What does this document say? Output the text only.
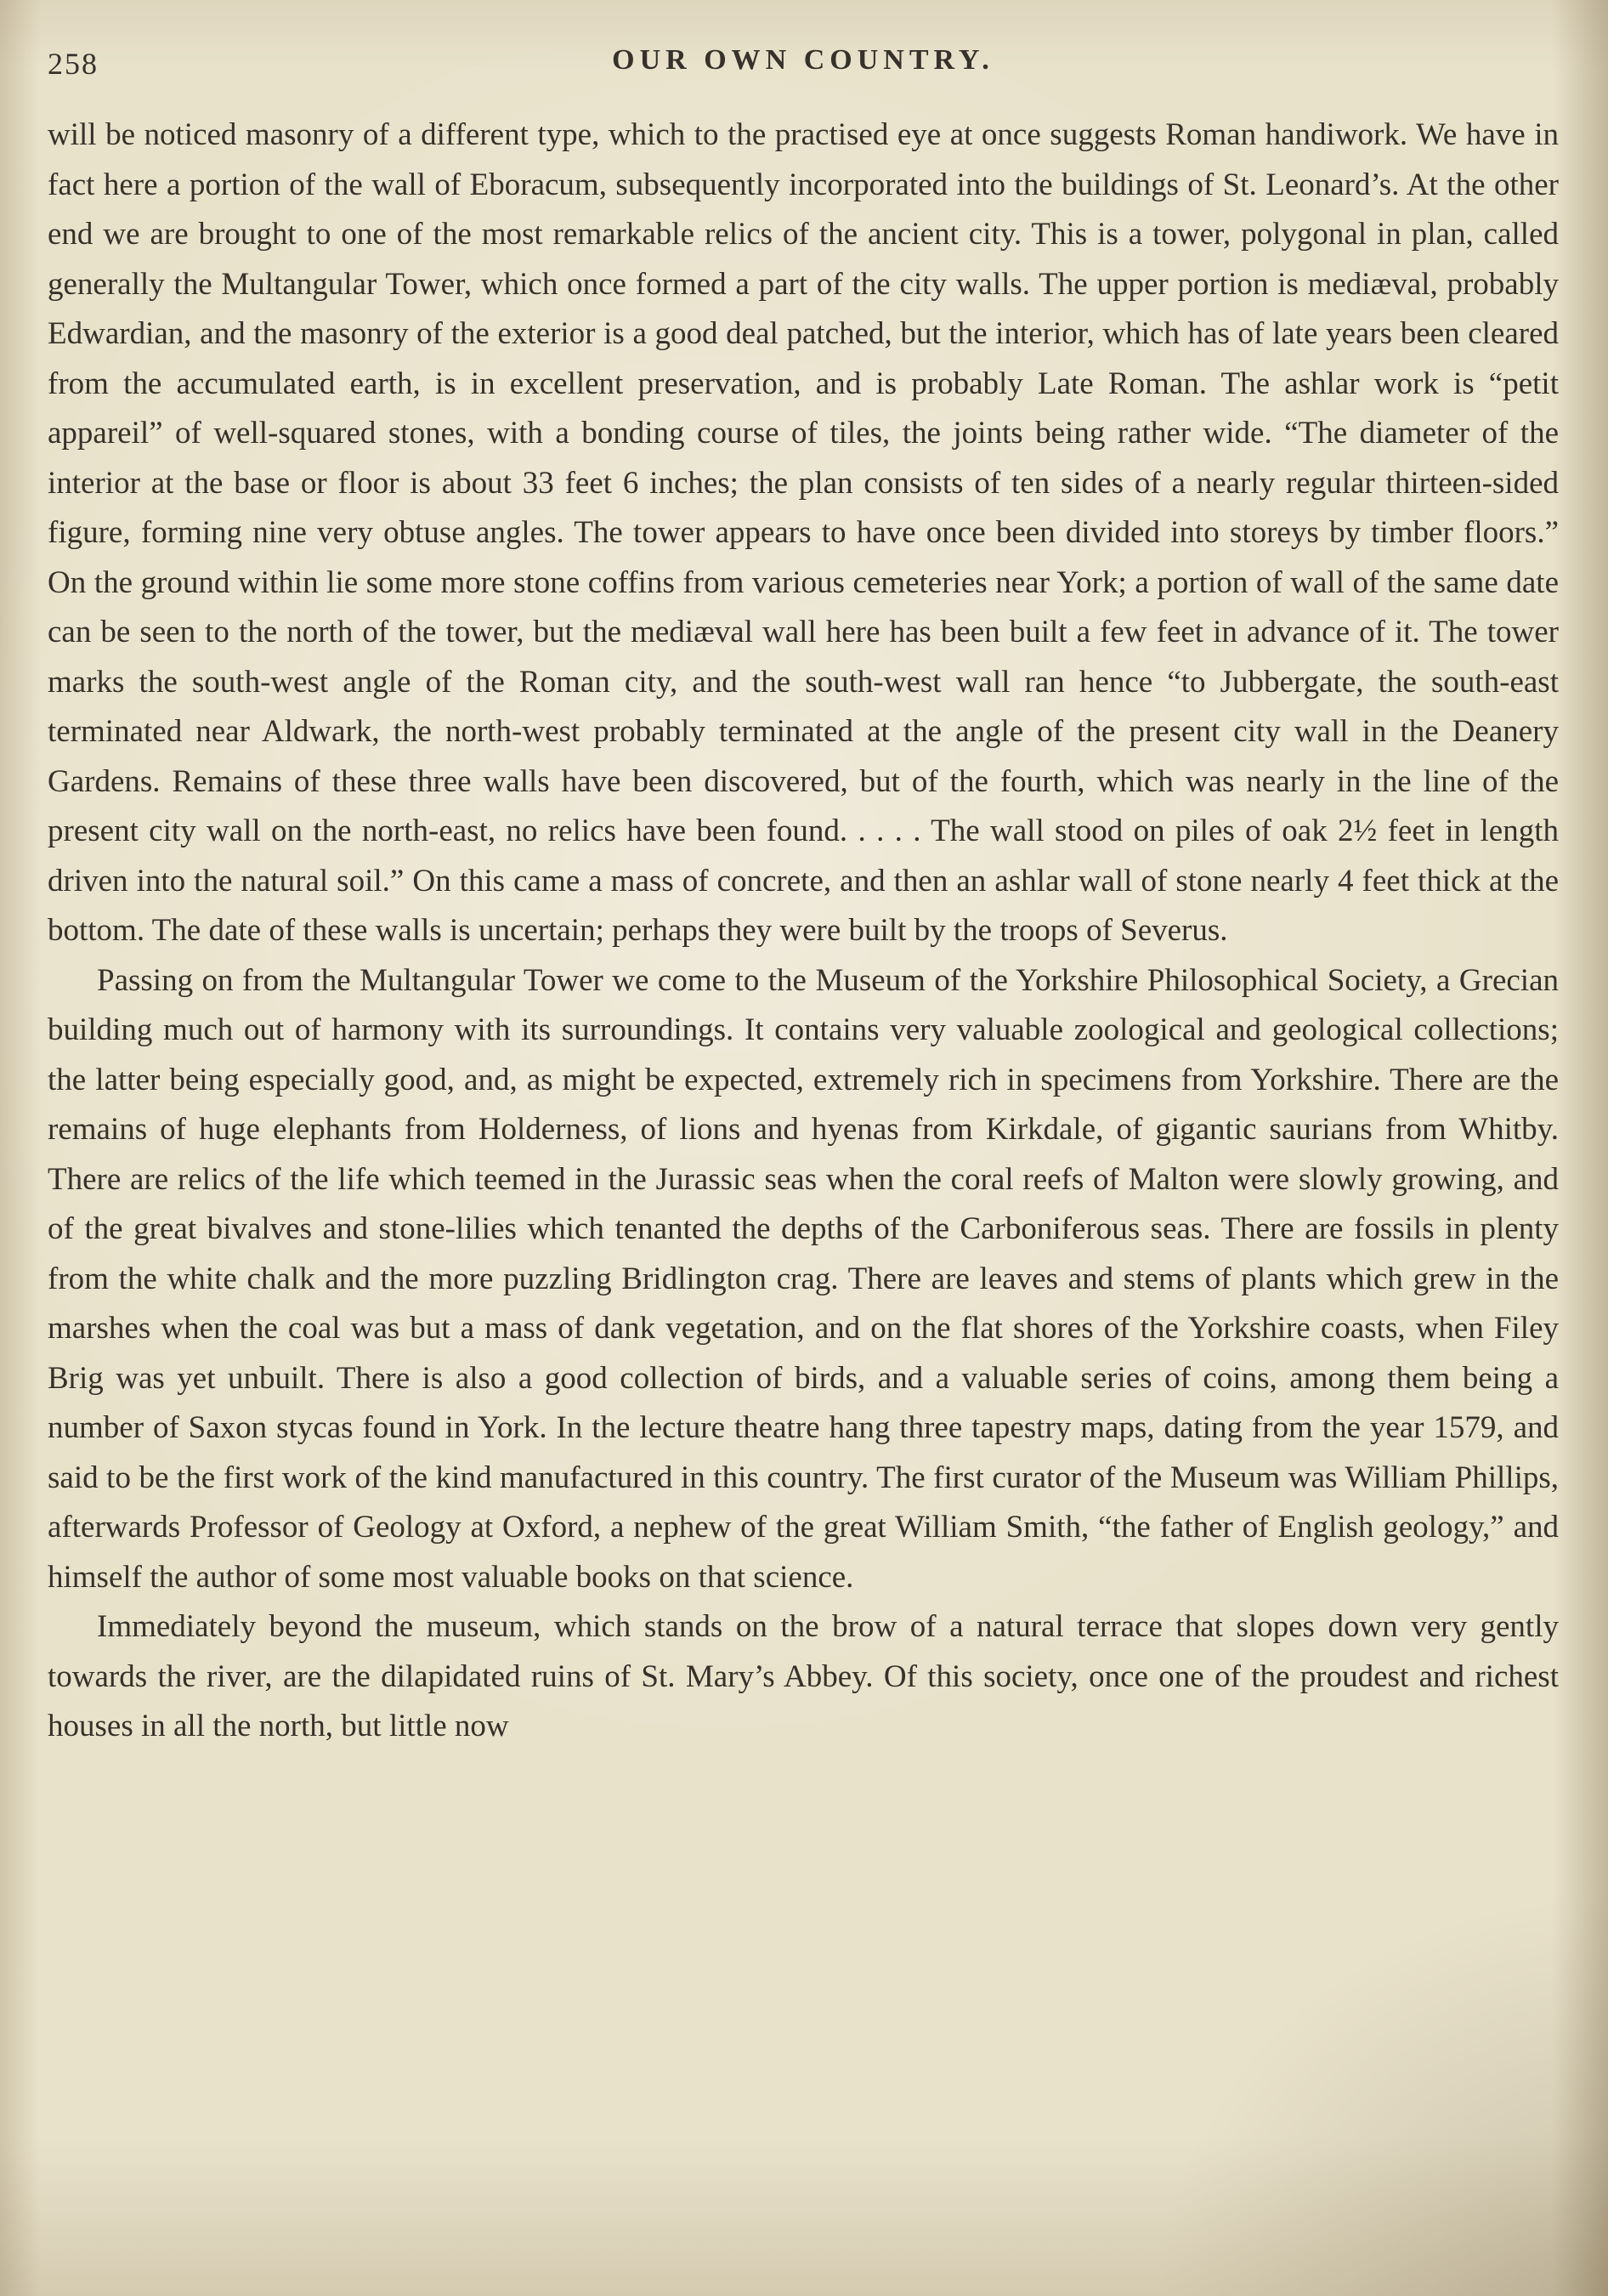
258	OUR OWN COUNTRY.

will be noticed masonry of a different type, which to the practised eye at once suggests Roman handiwork. We have in fact here a portion of the wall of Eboracum, subsequently incorporated into the buildings of St. Leonard’s. At the other end we are brought to one of the most remarkable relics of the ancient city. This is a tower, polygonal in plan, called generally the Multangular Tower, which once formed a part of the city walls. The upper portion is mediæval, probably Edwardian, and the masonry of the exterior is a good deal patched, but the interior, which has of late years been cleared from the accumulated earth, is in excellent preservation, and is probably Late Roman. The ashlar work is “petit appareil” of well-squared stones, with a bonding course of tiles, the joints being rather wide. “The diameter of the interior at the base or floor is about 33 feet 6 inches; the plan consists of ten sides of a nearly regular thirteen-sided figure, forming nine very obtuse angles. The tower appears to have once been divided into storeys by timber floors.” On the ground within lie some more stone coffins from various cemeteries near York; a portion of wall of the same date can be seen to the north of the tower, but the mediæval wall here has been built a few feet in advance of it. The tower marks the south-west angle of the Roman city, and the south-west wall ran hence “to Jubbergate, the south-east terminated near Aldwark, the north-west probably terminated at the angle of the present city wall in the Deanery Gardens. Remains of these three walls have been discovered, but of the fourth, which was nearly in the line of the present city wall on the north-east, no relics have been found. . . . . The wall stood on piles of oak 2½ feet in length driven into the natural soil.” On this came a mass of concrete, and then an ashlar wall of stone nearly 4 feet thick at the bottom. The date of these walls is uncertain; perhaps they were built by the troops of Severus.

Passing on from the Multangular Tower we come to the Museum of the Yorkshire Philosophical Society, a Grecian building much out of harmony with its surroundings. It contains very valuable zoological and geological collections; the latter being especially good, and, as might be expected, extremely rich in specimens from Yorkshire. There are the remains of huge elephants from Holderness, of lions and hyenas from Kirkdale, of gigantic saurians from Whitby. There are relics of the life which teemed in the Jurassic seas when the coral reefs of Malton were slowly growing, and of the great bivalves and stone-lilies which tenanted the depths of the Carboniferous seas. There are fossils in plenty from the white chalk and the more puzzling Bridlington crag. There are leaves and stems of plants which grew in the marshes when the coal was but a mass of dank vegetation, and on the flat shores of the Yorkshire coasts, when Filey Brig was yet unbuilt. There is also a good collection of birds, and a valuable series of coins, among them being a number of Saxon stycas found in York. In the lecture theatre hang three tapestry maps, dating from the year 1579, and said to be the first work of the kind manufactured in this country. The first curator of the Museum was William Phillips, afterwards Professor of Geology at Oxford, a nephew of the great William Smith, “the father of English geology,” and himself the author of some most valuable books on that science.

Immediately beyond the museum, which stands on the brow of a natural terrace that slopes down very gently towards the river, are the dilapidated ruins of St. Mary’s Abbey. Of this society, once one of the proudest and richest houses in all the north, but little now
